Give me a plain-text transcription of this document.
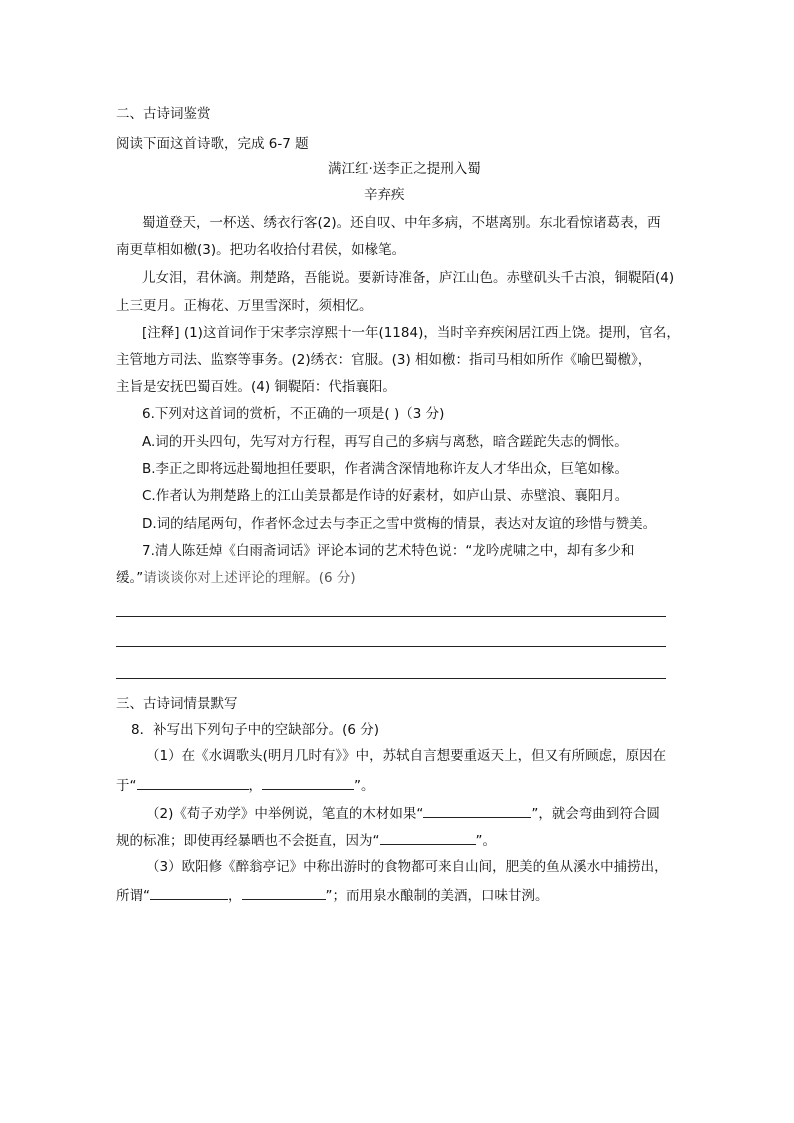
二、古诗词鉴赏
阅读下面这首诗歌，完成 6-7 题
满江红·送李正之提刑入蜀
辛弃疾
蜀道登天，一杯送、绣衣行客(2)。还自叹、中年多病，不堪离别。东北看惊诸葛表，西
南更草相如檄(3)。把功名收拾付君侯，如椽笔。
儿女泪，君休滴。荆楚路，吾能说。要新诗准备，庐江山色。赤壁矶头千古浪，铜鞮陌(4)
上三更月。正梅花、万里雪深时，须相忆。
[注释] (1)这首词作于宋孝宗淳熙十一年(1184)，当时辛弃疾闲居江西上饶。提刑，官名，
主管地方司法、监察等事务。(2)绣衣：官服。(3) 相如檄：指司马相如所作《喻巴蜀檄》，
主旨是安抚巴蜀百姓。(4) 铜鞮陌：代指襄阳。
6.下列对这首词的赏析，不正确的一项是( )（3 分)
A.词的开头四句，先写对方行程，再写自己的多病与离愁，暗含蹉跎失志的惆怅。
B.李正之即将远赴蜀地担任要职，作者满含深情地称许友人才华出众，巨笔如椽。
C.作者认为荆楚路上的江山美景都是作诗的好素材，如庐山景、赤壁浪、襄阳月。
D.词的结尾两句，作者怀念过去与李正之雪中赏梅的情景，表达对友谊的珍惜与赞美。
7.清人陈廷焯《白雨斋词话》评论本词的艺术特色说：“龙吟虎啸之中，却有多少和
缓。”请谈谈你对上述评论的理解。(6 分)
三、古诗词情景默写
8．补写出下列句子中的空缺部分。(6 分)
（1）在《水调歌头(明月几时有》》中，苏轼自言想要重返天上，但又有所顾虑，原因在
于“	，	”。
（2)《荀子劝学》中举例说，笔直的木材如果“	”，就会弯曲到符合圆
规的标准；即使再经暴晒也不会挺直，因为“	”。
（3）欧阳修《醉翁亭记》中称出游时的食物都可来自山间，肥美的鱼从溪水中捕捞出，
所谓“	，	”；而用泉水酿制的美酒，口味甘洌。
